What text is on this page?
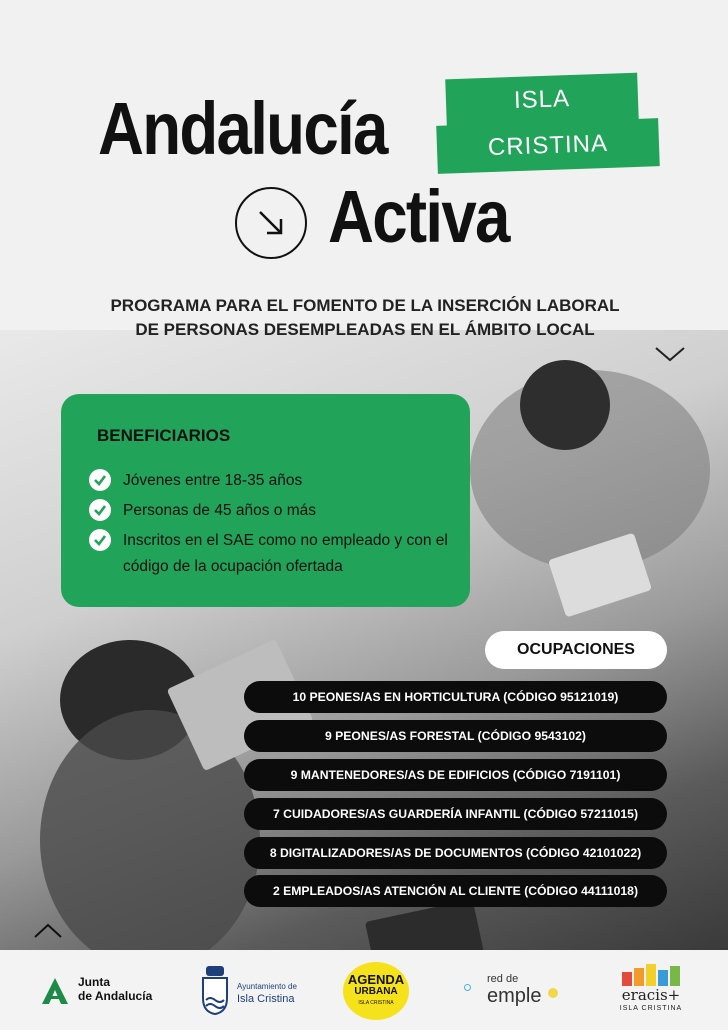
Andalucía	ISLA
CRISTINA
Activa
PROGRAMA PARA EL FOMENTO DE LA INSERCIÓN LABORAL
DE PERSONAS DESEMPLEADAS EN EL ÁMBITO LOCAL
BENEFICIARIOS
Jóvenes entre 18-35 años
Personas de 45 años o más
Inscritos en el SAE como no empleado y con el código de la ocupación ofertada
OCUPACIONES
10 PEONES/AS EN HORTICULTURA (CÓDIGO 95121019)
9 PEONES/AS FORESTAL (CÓDIGO 9543102)
9 MANTENEDORES/AS DE EDIFICIOS (CÓDIGO 7191101)
7 CUIDADORES/AS GUARDERÍA INFANTIL (CÓDIGO 57211015)
8 DIGITALIZADORES/AS DE DOCUMENTOS (CÓDIGO 42101022)
2 EMPLEADOS/AS ATENCIÓN AL CLIENTE (CÓDIGO 44111018)
Junta
de Andalucía
Ayuntamiento de
Isla Cristina
AGENDA
URBANA
ISLA CRISTINA
red de
emple	eracis+
ISLA CRISTINA
